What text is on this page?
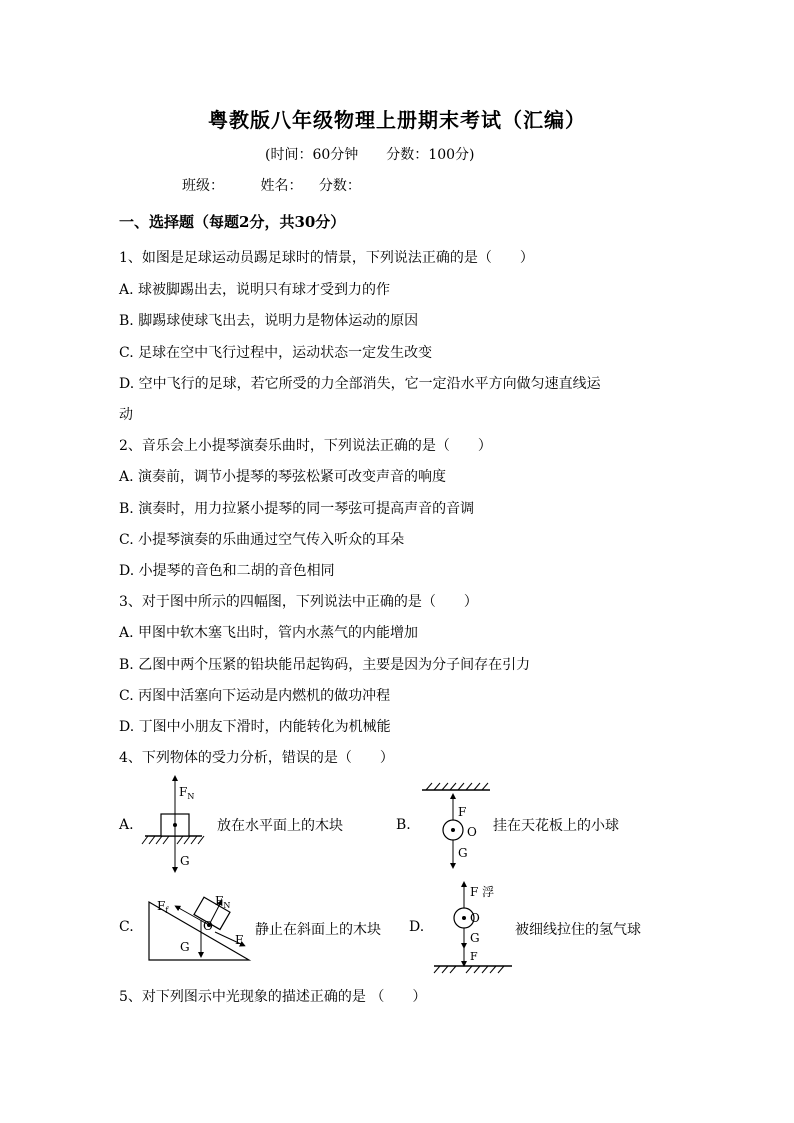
粤教版八年级物理上册期末考试（汇编）
(时间：60分钟 分数：100分)
班级：	姓名： 分数：
一、选择题（每题2分，共30分）
1、如图是足球运动员踢足球时的情景，下列说法正确的是（　　）
A. 球被脚踢出去，说明只有球才受到力的作
B. 脚踢球使球飞出去，说明力是物体运动的原因
C. 足球在空中飞行过程中，运动状态一定发生改变
D. 空中飞行的足球，若它所受的力全部消失，它一定沿水平方向做匀速直线运
动
2、音乐会上小提琴演奏乐曲时，下列说法正确的是（　　）
A. 演奏前，调节小提琴的琴弦松紧可改变声音的响度
B. 演奏时，用力拉紧小提琴的同一琴弦可提高声音的音调
C. 小提琴演奏的乐曲通过空气传入听众的耳朵
D. 小提琴的音色和二胡的音色相同
3、对于图中所示的四幅图，下列说法中正确的是（　　）
A. 甲图中软木塞飞出时，管内水蒸气的内能增加
B. 乙图中两个压紧的铅块能吊起钩码，主要是因为分子间存在引力
C. 丙图中活塞向下运动是内燃机的做功冲程
D. 丁图中小朋友下滑时，内能转化为机械能
4、下列物体的受力分析，错误的是（　　）
A.
$F_N$
G
放在水平面上的木块	B.
F
O
G
挂在天花板上的小球
C.
$F_f$
$F_N$
O
G	F
静止在斜面上的木块 D.
F 浮
O
G
F
被细线拉住的氢气球
5、对下列图示中光现象的描述正确的是 （　　）
